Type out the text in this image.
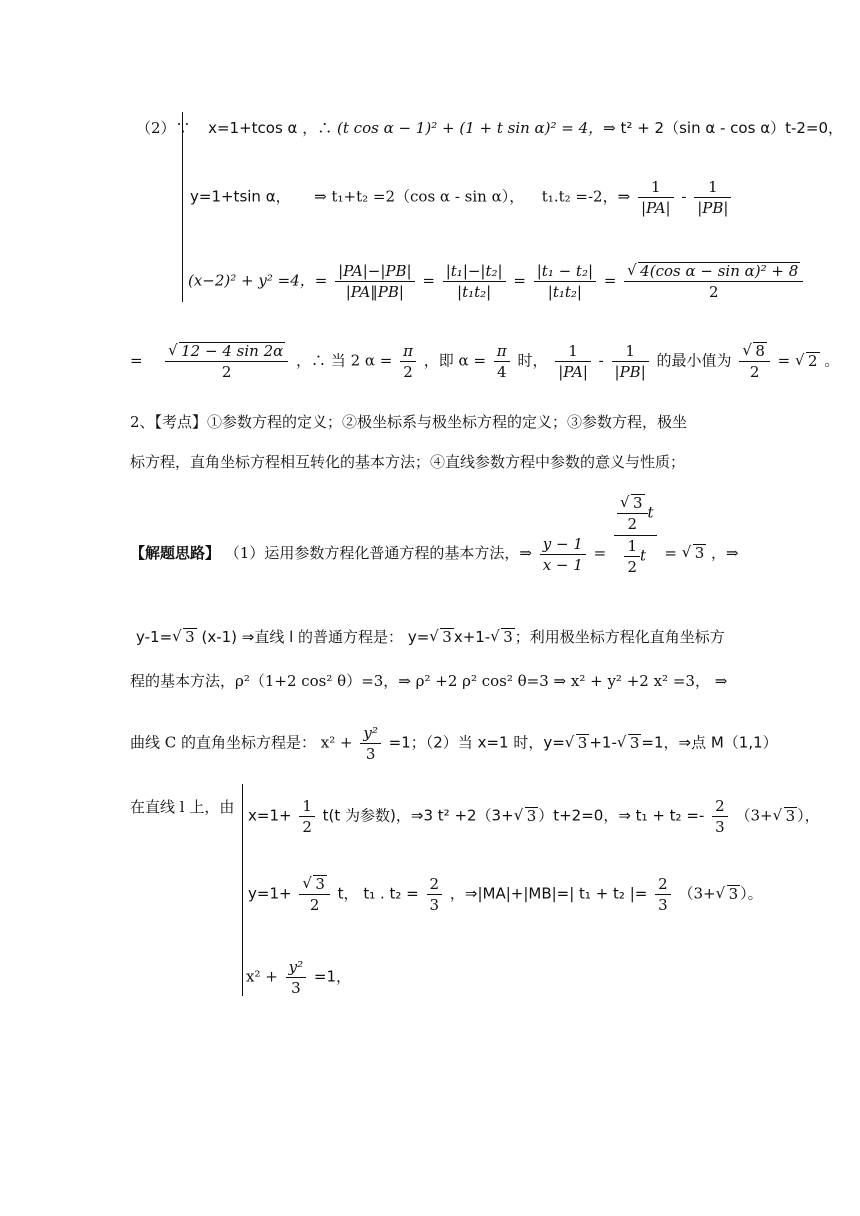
（2）∵ x=1+tcos α ，∴ (t cos α − 1)² + (1 + t sin α)² = 4，⇒ t² + 2（sin α - cos α）t-2=0，
y=1+tsin α， ⇒ t₁+t₂ =2（cos α - sin α）， t₁.t₂ =-2，⇒ $\frac{1}{|PA|} - \frac{1}{|PB|}$
(x−2)² + y² =4，= $\frac{|PA|-|PB|}{|PA‖PB|} = \frac{\text{|t₁|−|t₂|}}{\text{|t₁t₂|}} = \frac{\text{|t₁ − t₂|}}{\text{|t₁t₂|}}$ =
√ $\frac{\text{4(cos α − sin α)² + 8}}{2}$
=
√ $\frac{12 - 4 \sin 2\alpha}{2}$ ，∴ 当 2 $\alpha = \frac{\pi}{2}$ ，即 $\alpha = \frac{\pi}{4}$ 时， $\frac{1}{|PA|} - \frac{1}{|PB|}$ 的最小值为
√ $\frac{8}{2}$ = √ 2 。
2、【考点】①参数方程的定义；②极坐标系与极坐标方程的定义；③参数方程，极坐
标方程，直角坐标方程相互转化的基本方法；④直线参数方程中参数的意义与性质；
【解题思路】 （1）运用参数方程化普通方程的基本方法，⇒ $\frac{y - 1}{x - 1}$ =
√ $\frac{\frac{3}{2} t}{\frac{1}{2} t}$ = √ 3 ，⇒
y-1=√ 3 (x-1) ⇒直线 l 的普通方程是： y=√ 3 x+1-√ 3 ；利用极坐标方程化直角坐标方
程的基本方法，ρ²（1+2 cos² θ）=3，⇒ ρ² +2 ρ² cos² θ=3 ⇒ x² + y² +2 x² =3， ⇒
曲线 C 的直角坐标方程是： $x^2 + \frac{\text{y²}}{3} =1$；（2）当 x=1 时，y=√ 3 +1-√ 3 =1，⇒点 M（1,1）
在直线 l 上，由 $x=1+ \frac{1}{2} t(t$ 为参数)，⇒3 t² +2（3+√ 3 ）t+2=0，⇒ $t_1 + t_2 =- \frac{2}{3} (3+√$ 3 ），
y=1+
√ $\frac{3}{2}$ t， t₁ . $t_2 = \frac{2}{3}$ ，⇒|MA|+|MB|=| t₁ + t₂ |= $\frac{2}{3} (3+√$ 3 ）。
$x^2 + \frac{\text{y²}}{3} =1$，
